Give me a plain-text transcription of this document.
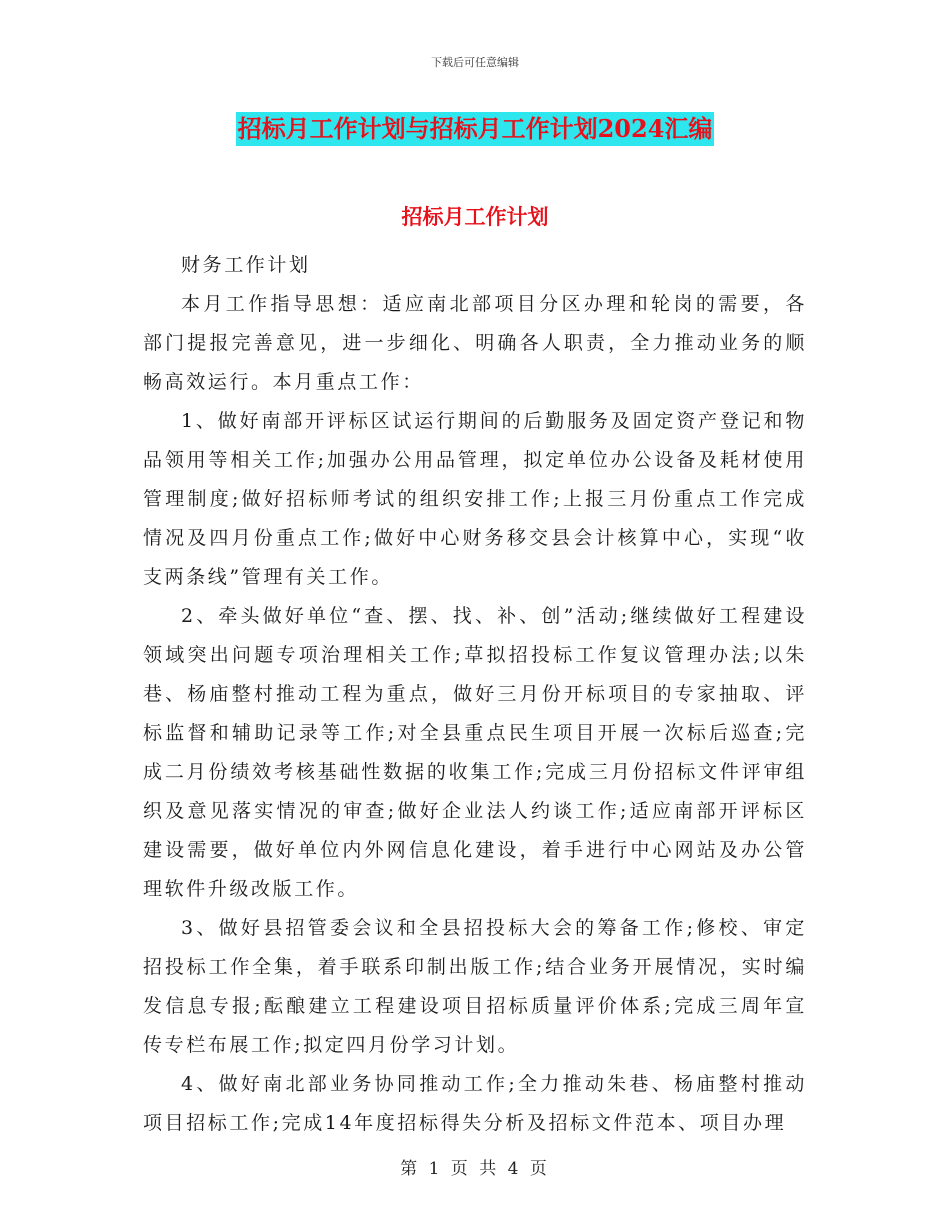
下载后可任意编辑
招标月工作计划与招标月工作计划2024汇编
招标月工作计划

财务工作计划

本月工作指导思想：适应南北部项目分区办理和轮岗的需要，各部门提报完善意见，进一步细化、明确各人职责，全力推动业务的顺畅高效运行。本月重点工作：

1、做好南部开评标区试运行期间的后勤服务及固定资产登记和物品领用等相关工作;加强办公用品管理，拟定单位办公设备及耗材使用管理制度;做好招标师考试的组织安排工作;上报三月份重点工作完成情况及四月份重点工作;做好中心财务移交县会计核算中心，实现“收支两条线”管理有关工作。

2、牵头做好单位“查、摆、找、补、创”活动;继续做好工程建设领域突出问题专项治理相关工作;草拟招投标工作复议管理办法;以朱巷、杨庙整村推动工程为重点，做好三月份开标项目的专家抽取、评标监督和辅助记录等工作;对全县重点民生项目开展一次标后巡查;完成二月份绩效考核基础性数据的收集工作;完成三月份招标文件评审组织及意见落实情况的审查;做好企业法人约谈工作;适应南部开评标区建设需要，做好单位内外网信息化建设，着手进行中心网站及办公管理软件升级改版工作。

3、做好县招管委会议和全县招投标大会的筹备工作;修校、审定招投标工作全集，着手联系印制出版工作;结合业务开展情况，实时编发信息专报;酝酿建立工程建设项目招标质量评价体系;完成三周年宣传专栏布展工作;拟定四月份学习计划。

4、做好南北部业务协同推动工作;全力推动朱巷、杨庙整村推动项目招标工作;完成14年度招标得失分析及招标文件范本、项目办理

第 1 页 共 4 页
